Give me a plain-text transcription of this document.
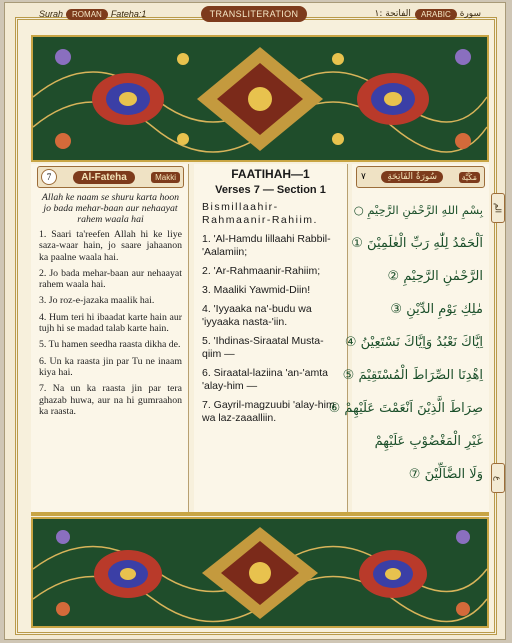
Surah	ROMAN	Fateha:1	TRANSLITERATION	الفاتحة :١	ARABIC	سورة
7	Al-Fateha	Makki
Allah ke naam se shuru karta hoon jo bada mehar-baan aur nehaayat rahem waala hai
1. Saari ta'reefen Allah hi ke liye saza-waar hain, jo saare jahaanon ka paalne waala hai.
2. Jo bada mehar-baan aur nehaayat rahem waala hai.
3. Jo roz-e-jazaka maalik hai.
4. Hum teri hi ibaadat karte hain aur tujh hi se madad talab karte hain.
5. Tu hamen seedha raasta dikha de.
6. Un ka raasta jin par Tu ne inaam kiya hai.
7. Na un ka raasta jin par tera ghazab huwa, aur na hi gumraahon ka raasta.
FAATIHAH—1
Verses 7 — Section 1
Bismillaahir-Rahmaanir-Rahiim.
1. 'Al-Hamdu lillaahi Rabbil-'Aalamiin;
2. 'Ar-Rahmaanir-Rahiim;
3. Maaliki Yawmid-Diin!
4. 'Iyyaaka na'-budu wa 'iyyaaka nasta-'iin.
5. 'Ihdinas-Siraatal Musta-qiim —
6. Siraatal-laziina 'an-'amta 'alay-him —
7. Gayril-magzuubi 'alay-him wa laz-zaaalliin.
٧	سُورَةُ الفَاتِحَةِ	مَكِّيَّة
بِسْمِ اللهِ الرَّحْمٰنِ الرَّحِيْمِ ○
اَلْحَمْدُ لِلّٰهِ رَبِّ الْعٰلَمِيْنَ ①
الرَّحْمٰنِ الرَّحِيْمِ ②
مٰلِكِ يَوْمِ الدِّيْنِ ③
اِيَّاكَ نَعْبُدُ وَاِيَّاكَ نَسْتَعِيْنُ ④
اِهْدِنَا الصِّرَاطَ الْمُسْتَقِيْمَ ⑤
صِرَاطَ الَّذِيْنَ اَنْعَمْتَ عَلَيْهِمْ ⑥
غَيْرِ الْمَغْضُوْبِ عَلَيْهِمْ
وَلَا الضَّآلِّيْنَ ⑦
الم
ع
